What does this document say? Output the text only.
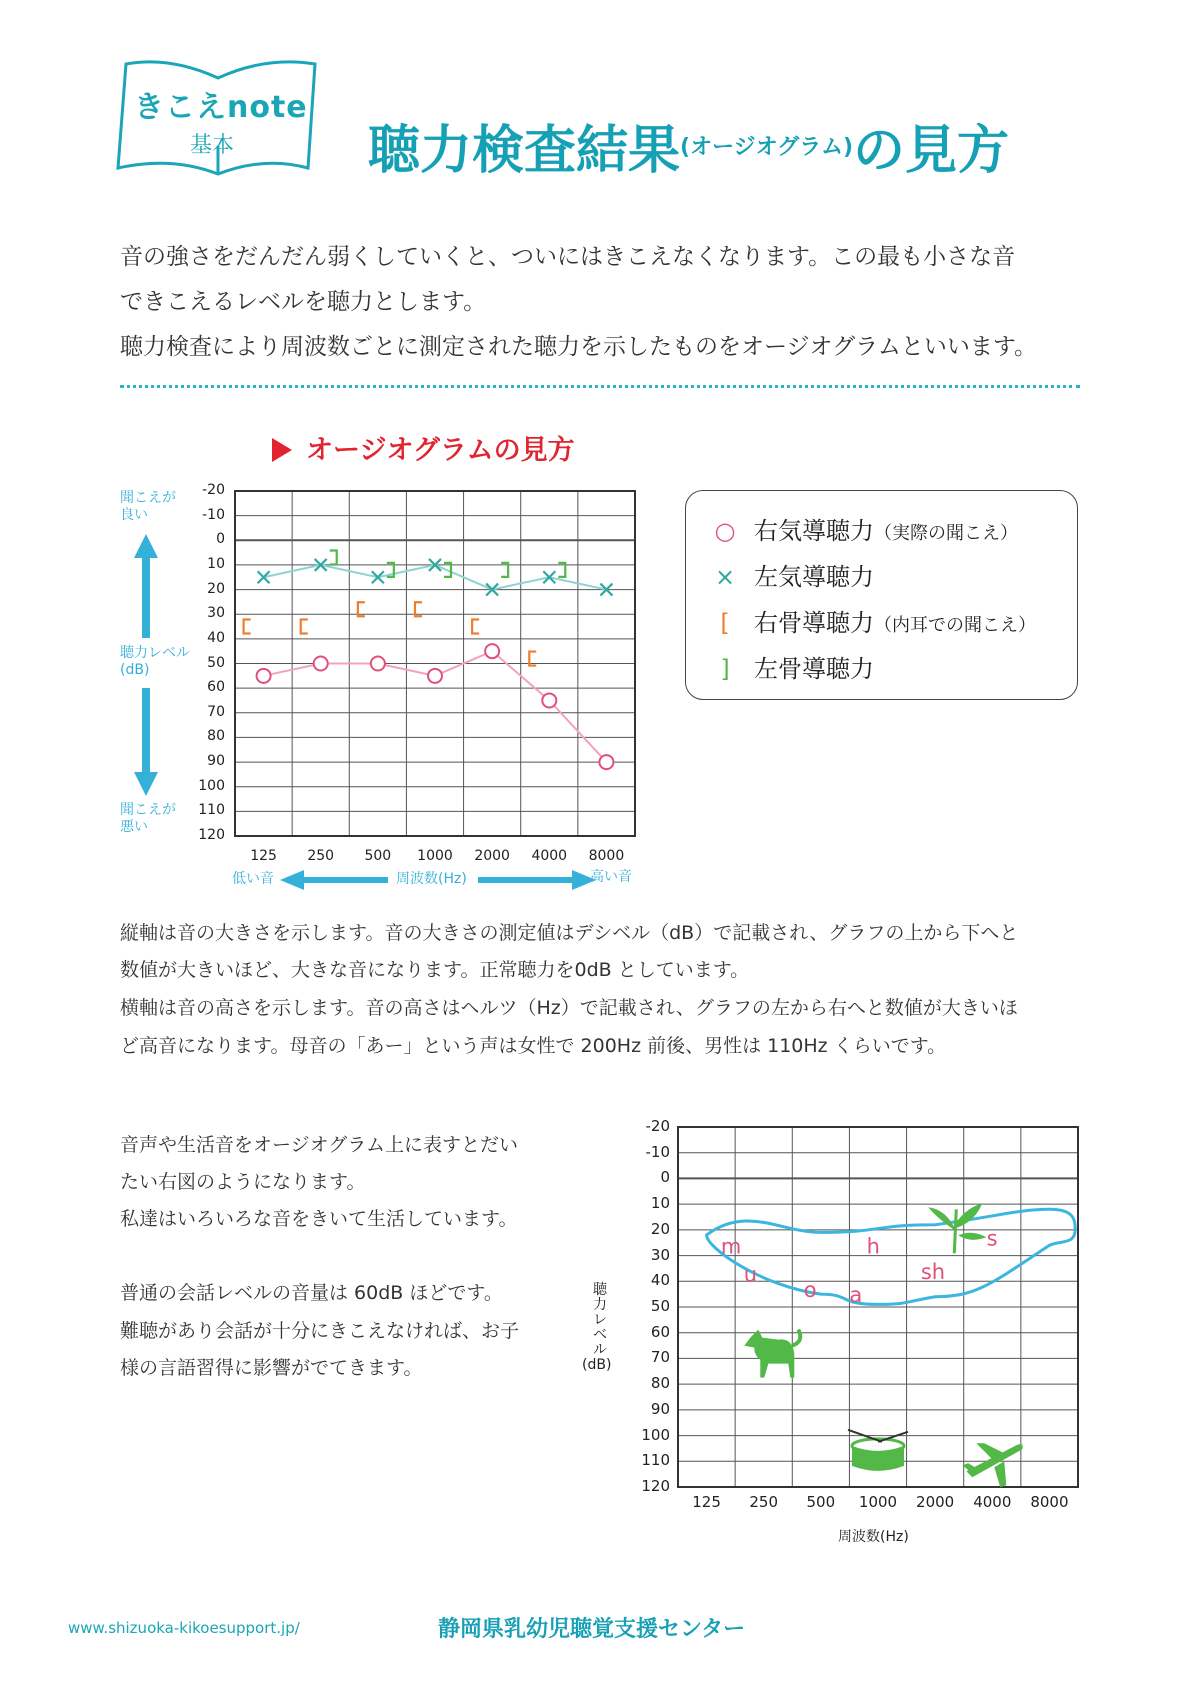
きこえnote
基本	聴力検査結果$^{(オージオグラム)}$の見方
音の強さをだんだん弱くしていくと、ついにはきこえなくなります。この最も小さな音
できこえるレベルを聴力とします。
聴力検査により周波数ごとに測定された聴力を示したものをオージオグラムといいます。
オージオグラムの見方
聞こえが
良い
聴力レベル
(dB)
聞こえが
悪い
低い音	周波数(Hz)	高い音
○ 右気導聴力（実際の聞こえ）
× 左気導聴力
[ 右骨導聴力（内耳での聞こえ）
] 左骨導聴力
縦軸は音の大きさを示します。音の大きさの測定値はデシベル（dB）で記載され、グラフの上から下へと
数値が大きいほど、大きな音になります。正常聴力を0dB としています。
横軸は音の高さを示します。音の高さはヘルツ（Hz）で記載され、グラフの左から右へと数値が大きいほ
ど高音になります。母音の「あー」という声は女性で 200Hz 前後、男性は 110Hz くらいです。
音声や生活音をオージオグラム上に表すとだい
たい右図のようになります。
私達はいろいろな音をきいて生活しています。
普通の会話レベルの音量は 60dB ほどです。
難聴があり会話が十分にきこえなければ、お子
様の言語習得に影響がでてきます。
聴
力
レ
ベ
ル
(dB)
m
u
o a
h
sh
s
周波数(Hz)
www.shizuoka-kikoesupport.jp/	静岡県乳幼児聴覚支援センター
-20
-10
0
10
20
30
40
50
60
70
80
90
100
110
120
125	250	500	1000	2000	4000	8000
-20
-10
0
10
20
30
40
50
60
70
80
90
100
110
120
125	250	500	1000	2000	4000	8000
